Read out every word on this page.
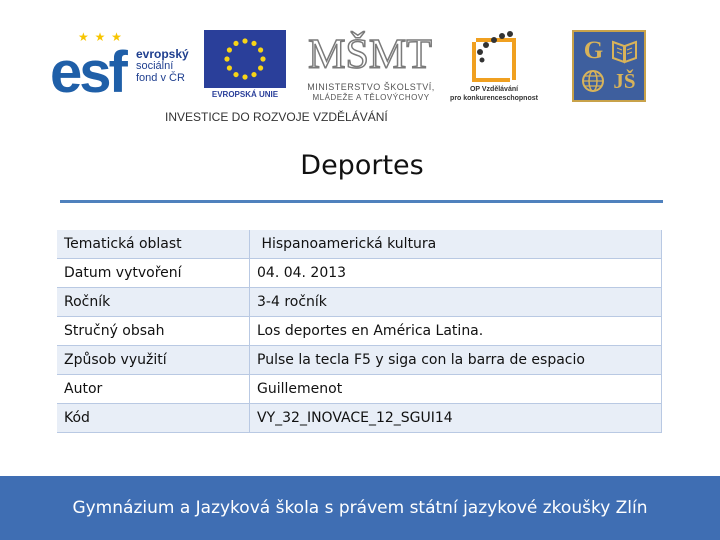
★ ★ ★
esf evropský
sociální
fond v ČR
EVROPSKÁ UNIE
MŠMT
MINISTERSTVO ŠKOLSTVÍ,
MLÁDEŽE A TĚLOVÝCHOVY
OP Vzdělávání
pro konkurenceschopnost
G
JŠ
INVESTICE DO ROZVOJE VZDĚLÁVÁNÍ
Deportes
Tematická oblast	Hispanoamerická kultura
Datum vytvoření	04. 04. 2013
Ročník	3-4 ročník
Stručný obsah	Los deportes en América Latina.
Způsob využití	Pulse la tecla F5 y siga con la barra de espacio
Autor	Guillemenot
Kód	VY_32_INOVACE_12_SGUI14
Gymnázium a Jazyková škola s právem státní jazykové zkoušky Zlín
